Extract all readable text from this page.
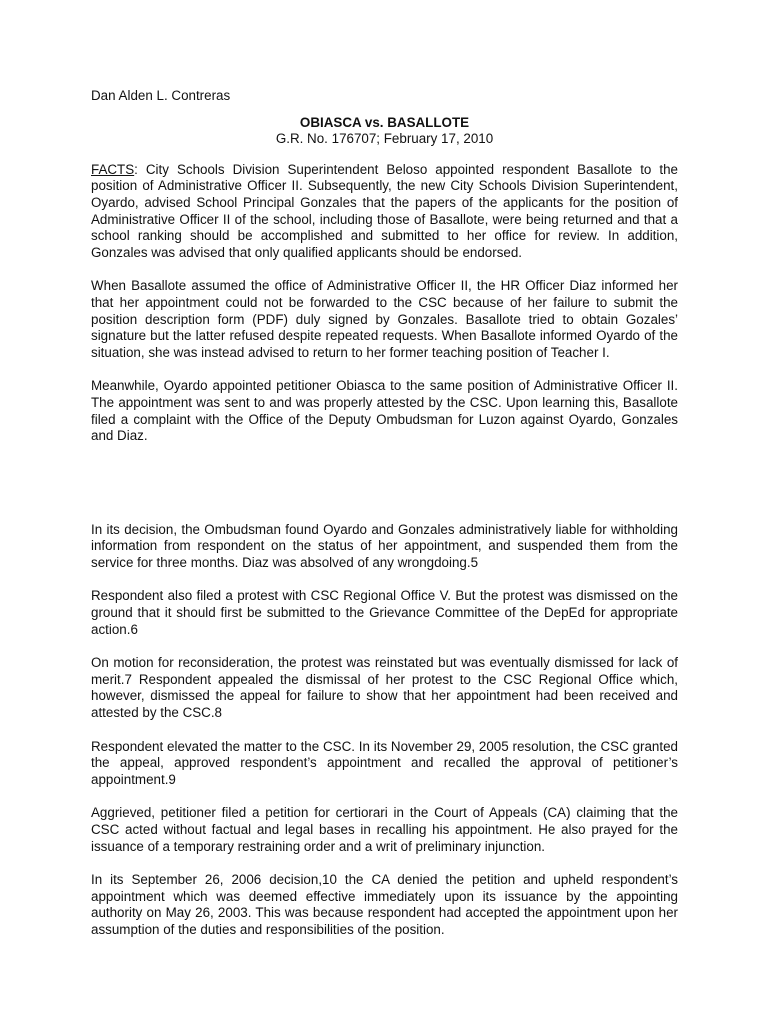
Dan Alden L. Contreras
OBIASCA vs. BASALLOTE
G.R. No. 176707; February 17, 2010

FACTS: City Schools Division Superintendent Beloso appointed respondent Basallote to the position of Administrative Officer II. Subsequently, the new City Schools Division Superintendent, Oyardo, advised School Principal Gonzales that the papers of the applicants for the position of Administrative Officer II of the school, including those of Basallote, were being returned and that a school ranking should be accomplished and submitted to her office for review. In addition, Gonzales was advised that only qualified applicants should be endorsed.

When Basallote assumed the office of Administrative Officer II, the HR Officer Diaz informed her that her appointment could not be forwarded to the CSC because of her failure to submit the position description form (PDF) duly signed by Gonzales. Basallote tried to obtain Gozales’ signature but the latter refused despite repeated requests. When Basallote informed Oyardo of the situation, she was instead advised to return to her former teaching position of Teacher I.

Meanwhile, Oyardo appointed petitioner Obiasca to the same position of Administrative Officer II. The appointment was sent to and was properly attested by the CSC. Upon learning this, Basallote filed a complaint with the Office of the Deputy Ombudsman for Luzon against Oyardo, Gonzales and Diaz.

In its decision, the Ombudsman found Oyardo and Gonzales administratively liable for withholding information from respondent on the status of her appointment, and suspended them from the service for three months. Diaz was absolved of any wrongdoing.5

Respondent also filed a protest with CSC Regional Office V. But the protest was dismissed on the ground that it should first be submitted to the Grievance Committee of the DepEd for appropriate action.6

On motion for reconsideration, the protest was reinstated but was eventually dismissed for lack of merit.7 Respondent appealed the dismissal of her protest to the CSC Regional Office which, however, dismissed the appeal for failure to show that her appointment had been received and attested by the CSC.8

Respondent elevated the matter to the CSC. In its November 29, 2005 resolution, the CSC granted the appeal, approved respondent’s appointment and recalled the approval of petitioner’s appointment.9

Aggrieved, petitioner filed a petition for certiorari in the Court of Appeals (CA) claiming that the CSC acted without factual and legal bases in recalling his appointment. He also prayed for the issuance of a temporary restraining order and a writ of preliminary injunction.

In its September 26, 2006 decision,10 the CA denied the petition and upheld respondent’s appointment which was deemed effective immediately upon its issuance by the appointing authority on May 26, 2003. This was because respondent had accepted the appointment upon her assumption of the duties and responsibilities of the position.
